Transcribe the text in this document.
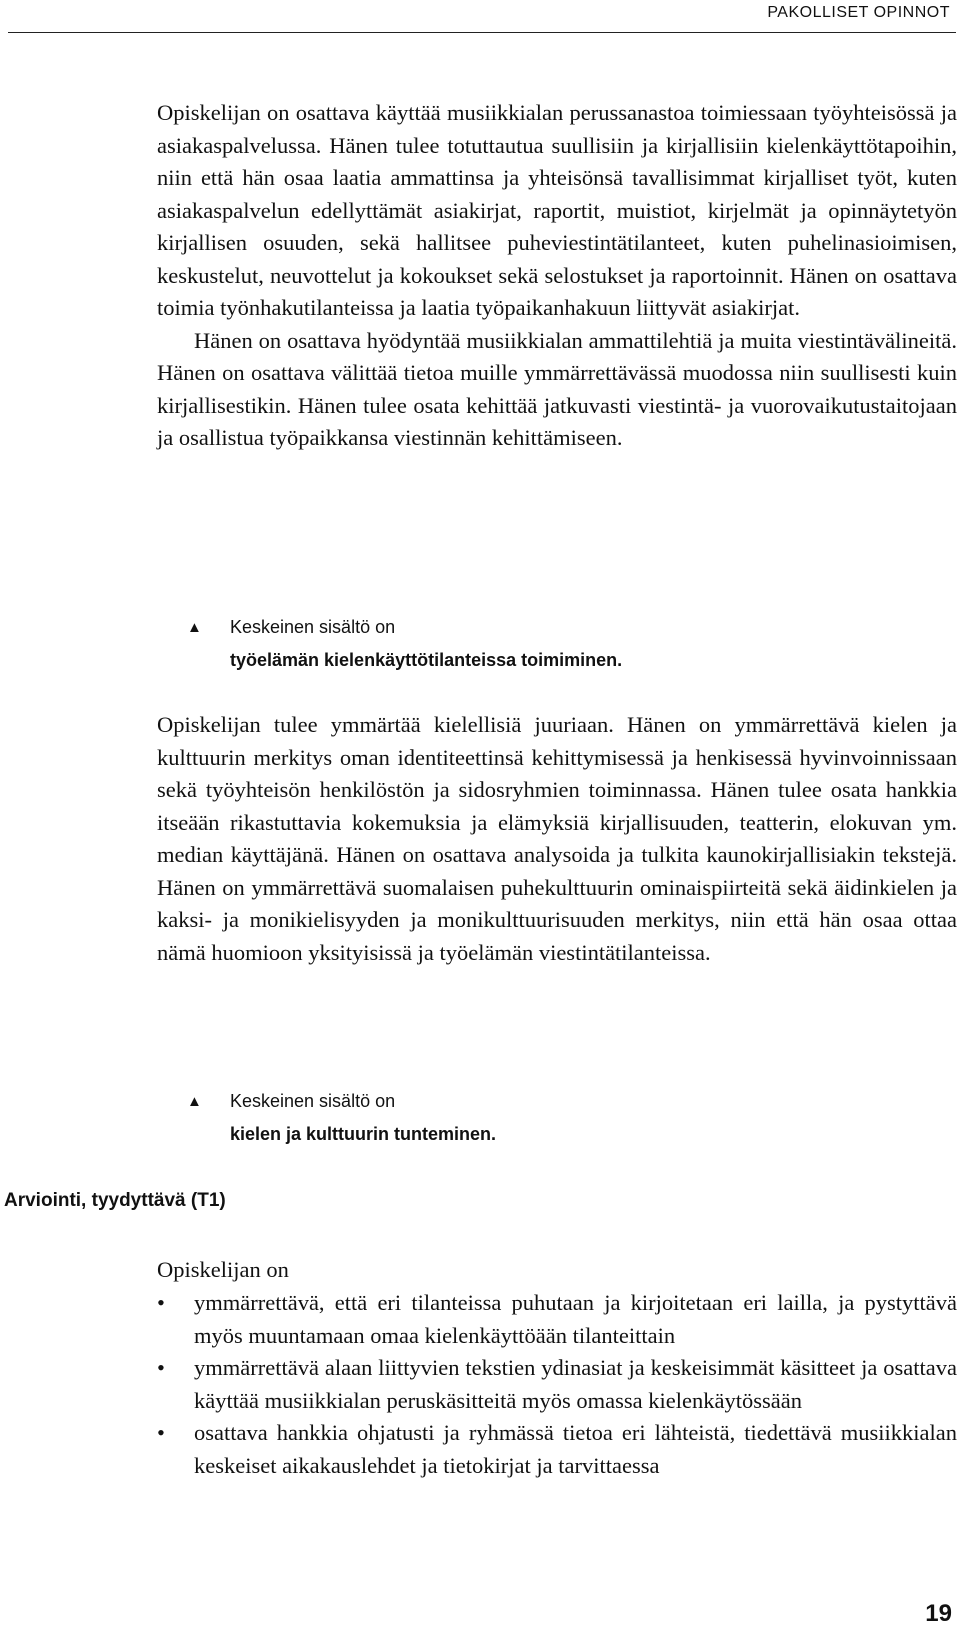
PAKOLLISET OPINNOT

Opiskelijan on osattava käyttää musiikkialan perussanastoa toimiessaan työyhteisössä ja asiakaspalvelussa. Hänen tulee totuttautua suullisiin ja kirjallisiin kielenkäyttötapoihin, niin että hän osaa laatia ammattinsa ja yhteisönsä tavallisimmat kirjalliset työt, kuten asiakaspalvelun edellyttämät asiakirjat, raportit, muistiot, kirjelmät ja opinnäytetyön kirjallisen osuuden, sekä hallitsee puheviestintätilanteet, kuten puhelinasioimisen, keskustelut, neuvottelut ja kokoukset sekä selostukset ja raportoinnit. Hänen on osattava toimia työnhakutilanteissa ja laatia työpaikanhakuun liittyvät asiakirjat.

Hänen on osattava hyödyntää musiikkialan ammattilehtiä ja muita viestintävälineitä. Hänen on osattava välittää tietoa muille ymmärrettävässä muodossa niin suullisesti kuin kirjallisestikin. Hänen tulee osata kehittää jatkuvasti viestintä- ja vuorovaikutustaitojaan ja osallistua työpaikkansa viestinnän kehittämiseen.

▲	Keskeinen sisältö on
työelämän kielenkäyttötilanteissa toimiminen.

Opiskelijan tulee ymmärtää kielellisiä juuriaan. Hänen on ymmärrettävä kielen ja kulttuurin merkitys oman identiteettinsä kehittymisessä ja henkisessä hyvinvoinnissaan sekä työyhteisön henkilöstön ja sidosryhmien toiminnassa. Hänen tulee osata hankkia itseään rikastuttavia kokemuksia ja elämyksiä kirjallisuuden, teatterin, elokuvan ym. median käyttäjänä. Hänen on osattava analysoida ja tulkita kaunokirjallisiakin tekstejä. Hänen on ymmärrettävä suomalaisen puhekulttuurin ominaispiirteitä sekä äidinkielen ja kaksi- ja monikielisyyden ja monikulttuurisuuden merkitys, niin että hän osaa ottaa nämä huomioon yksityisissä ja työelämän viestintätilanteissa.

▲	Keskeinen sisältö on
kielen ja kulttuurin tunteminen.
Arviointi, tyydyttävä (T1)
Opiskelijan on
• ymmärrettävä, että eri tilanteissa puhutaan ja kirjoitetaan eri lailla, ja pystyttävä myös muuntamaan omaa kielenkäyttöään tilanteittain
• ymmärrettävä alaan liittyvien tekstien ydinasiat ja keskeisimmät käsitteet ja osattava käyttää musiikkialan peruskäsitteitä myös omassa kielenkäytössään
• osattava hankkia ohjatusti ja ryhmässä tietoa eri lähteistä, tiedettävä musiikkialan keskeiset aikakauslehdet ja tietokirjat ja tarvittaessa
19
